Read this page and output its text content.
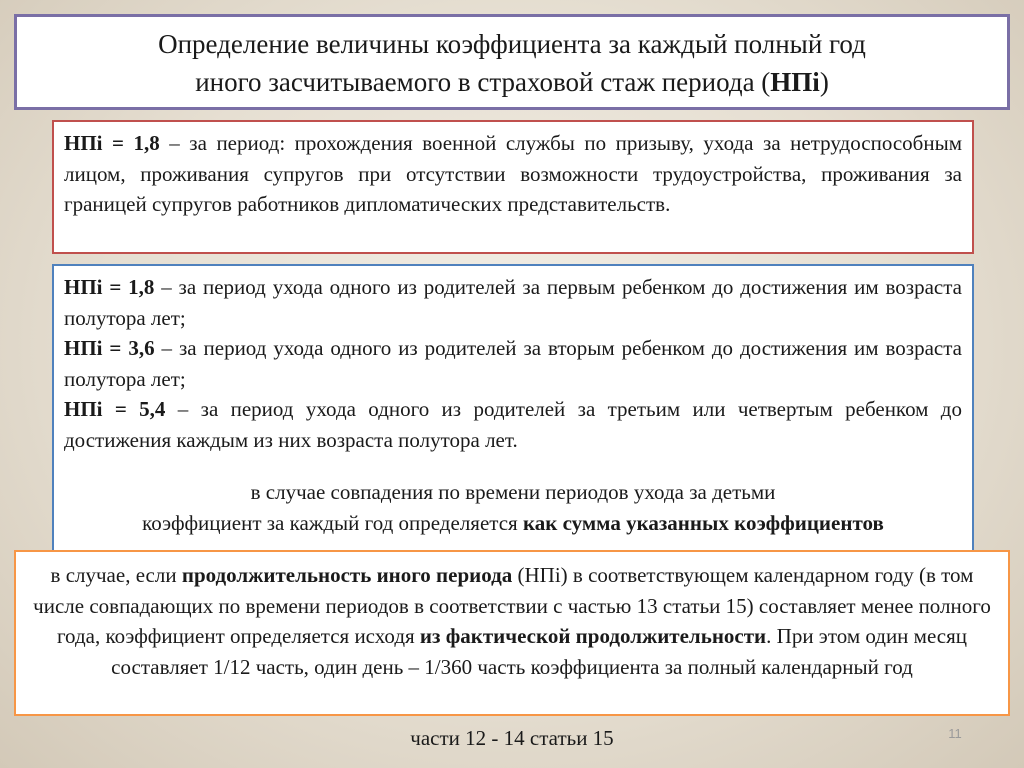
Определение величины коэффициента за каждый полный год
иного засчитываемого в страховой стаж периода (НПi)

НПi = 1,8 – за период: прохождения военной службы по призыву, ухода за нетрудоспособным лицом, проживания супругов при отсутствии возможности трудоустройства, проживания за границей супругов работников дипломатических представительств.

НПi = 1,8 – за период ухода одного из родителей за первым ребенком до достижения им возраста полутора лет;

НПi = 3,6 – за период ухода одного из родителей за вторым ребенком до достижения им возраста полутора лет;

НПi = 5,4 – за период ухода одного из родителей за третьим или четвертым ребенком до достижения каждым из них возраста полутора лет.

в случае совпадения по времени периодов ухода за детьми
коэффициент за каждый год определяется как сумма указанных коэффициентов
в случае, если продолжительность иного периода (НПi) в соответствующем календарном году (в том числе совпадающих по времени периодов в соответствии с частью 13 статьи 15) составляет менее полного года, коэффициент определяется исходя из фактической продолжительности. При этом один месяц составляет 1/12 часть, один день – 1/360 часть коэффициента за полный календарный год
части 12 - 14 статьи 15	11
